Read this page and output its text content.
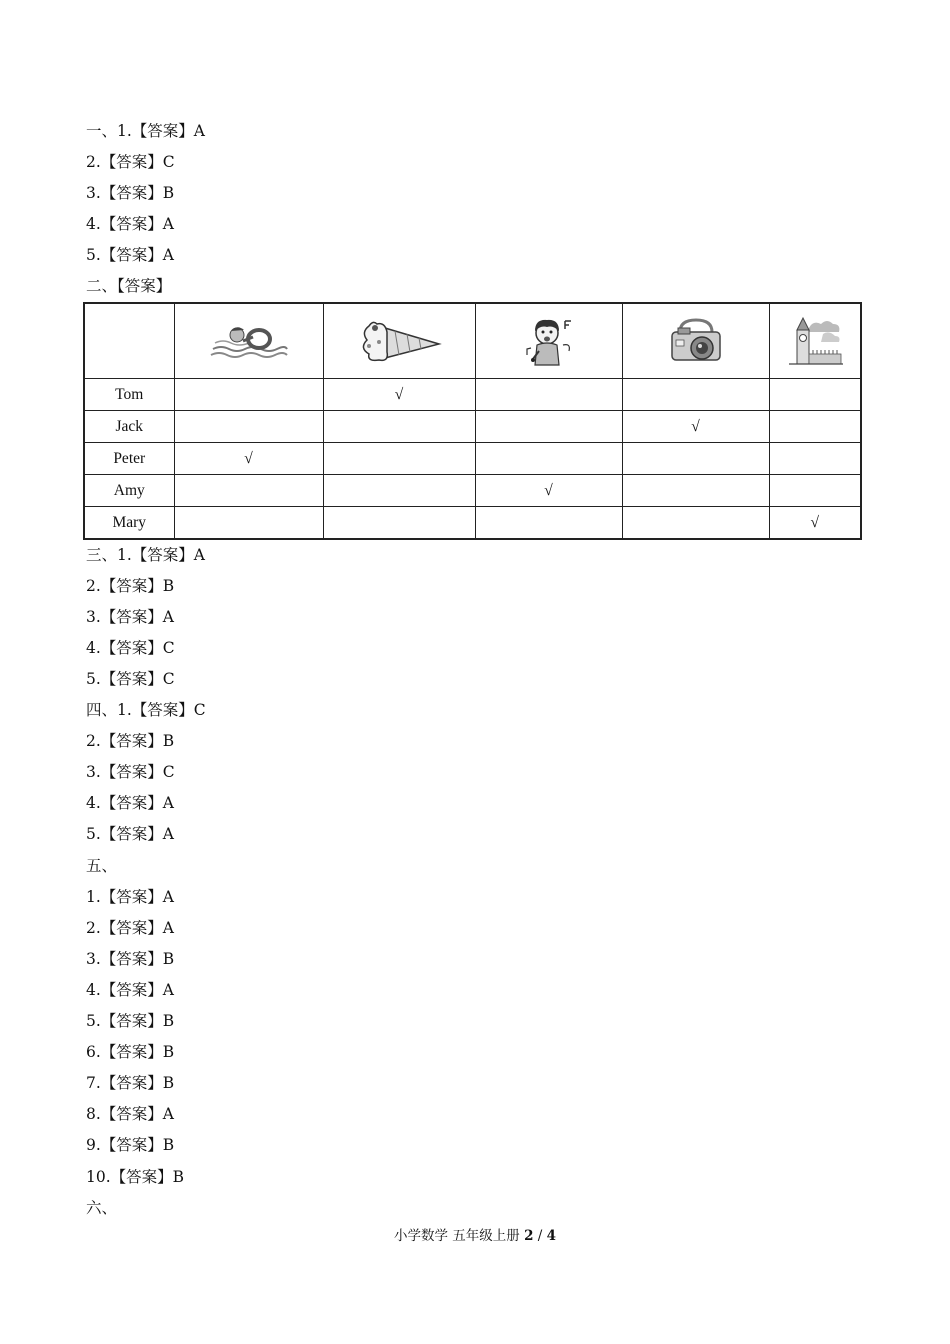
一、1.【答案】A
2.【答案】C
3.【答案】B
4.【答案】A
5.【答案】A
二、【答案】

Tom		√			
Jack				√	
Peter	√				
Amy			√		
Mary					√
三、1.【答案】A
2.【答案】B
3.【答案】A
4.【答案】C
5.【答案】C
四、1.【答案】C
2.【答案】B
3.【答案】C
4.【答案】A
5.【答案】A
五、
1.【答案】A
2.【答案】A
3.【答案】B
4.【答案】A
5.【答案】B
6.【答案】B
7.【答案】B
8.【答案】A
9.【答案】B
10.【答案】B
六、
小学数学 五年级上册 2 / 4
